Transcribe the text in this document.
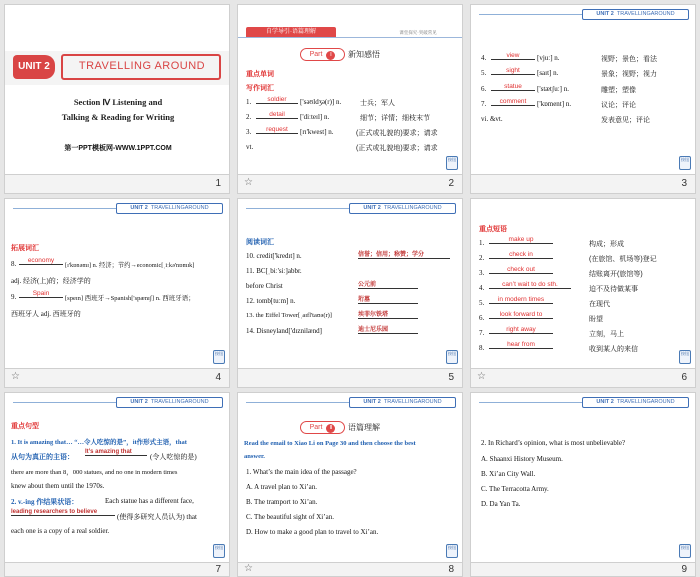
UNIT 2	TRAVELLING AROUND
Section Ⅳ Listening and
Talking & Reading for Writing
第一PPT模板网-WWW.1PPT.COM
1
自学导引·语篇理解	课堂探究·突破常见
Part Ⅰ	新知感悟
重点单词
写作词汇
1.	soldier	['səʊldʒə(r)] n.	士兵；军人
2.	detail	['diːteɪl] n.	细节；详情；细枝末节
3.	request	[rɪ'kwest] n.	(正式或礼貌的)要求；请求
vt.	(正式或礼貌地)要求；请求
按钮
☆	2
UNIT 2 TRAVELLINGAROUND
4.	view	[vjuː] n.	视野；景色；看法
5.	sight	[saɪt] n.	景象；视野；视力
6.	statue	['stætʃuː] n.	雕塑；塑像
7.	comment	['kɒment] n.	议论；评论
vi. &vt.	发表意见；评论
按钮
3
UNIT 2 TRAVELLINGAROUND
拓展词汇
8.	economy
[ɪ'kɒnəmɪ] n. 经济；节约→economic[ˌiːkə'nɒmɪk]
adj. 经济(上)的；经济学的
9.	Spain
[speɪn] 西班牙→Spanish['spænɪʃ] n. 西班牙语；
西班牙人 adj. 西班牙的
按钮
☆	4
UNIT 2 TRAVELLINGAROUND
阅读词汇
10. credit['kredɪt] n.	信誉；信用；称赞；学分
11. BC[ˌbiː'siː]abbr.
before Christ	公元前
12. tomb[tuːm] n.	垳墓
13. the Eiffel Tower[ˌaɪfl'taʊə(r)]	埃菲尔铁塔
14. Disneyland['dɪznilænd]	迪士尼乐园
按钮
5
重点短语
1.	make up
构成；形成
2.	check in
(在旅馆、机场等)登记
3.	check out
结账离开(旅馆等)
4.	can’t wait to do sth.
迫不及待做某事
5.	in modern times
在现代
6.	look forward to
盼望
7.	right away
立刻，马上
8.	hear from
收到某人的来信
按钮
☆	6
UNIT 2 TRAVELLINGAROUND
重点句型
1. It is amazing that… “…令人吃惊的是”，it作形式主语，that
从句为真正的主语：
It’s amazing that
(令人吃惊的是)
there are more than 8，000 statues, and no one in modern times
knew about them until the 1970s.
2. v.-ing 作结果状语：	Each statue has a different face,
leading researchers to believe
(使得多研究人员认为) that
each one is a copy of a real soldier.
按钮
7
UNIT 2 TRAVELLINGAROUND
Part Ⅱ	语篇理解
Read the email to Xiao Li on Page 30 and then choose the best
answer.
1. What’s the main idea of the passage?
A. A travel plan to Xi’an.
B. The tramport to Xi’an.
C. The beautiful sight of Xi’an.
D. How to make a good plan to travel to Xi’an.
按钮
☆	8
UNIT 2 TRAVELLINGAROUND
2. In Richard’s opinion, what is most unbelievable?
A. Shaanxi History Museum.
B. Xi’an City Wall.
C. The Terracotta Army.
D. Da Yan Ta.
按钮
9
